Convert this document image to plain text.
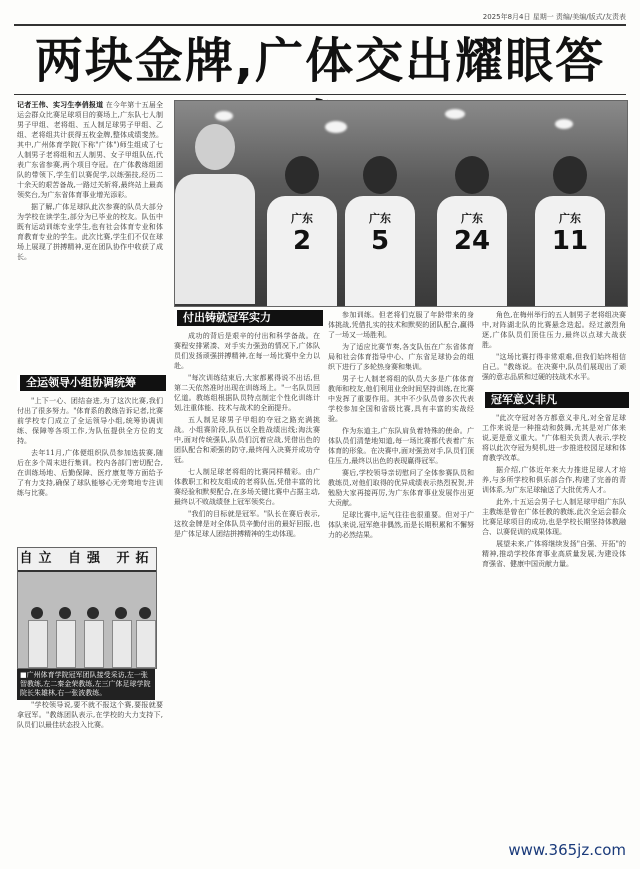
2025年8月4日 星期一 责编/美编/版式/友责表
两块金牌,广体交出耀眼答

记者王伟、实习生李俏报道 在今年第十五届全运会群众比赛足球项目的赛场上,广东队七人制男子甲组、老将组、五人制足球男子甲组、乙组、老将组共计获得五枚金牌,整体成绩斐然。其中,广州体育学院(下称"广体")师生组成了七人制男子老将组和五人制男、女子甲组队伍,代表广东省参赛,两个项目夺冠。在广体教练组团队的带领下,学生们以赛促学,以练强技,经历二十余天的艰苦备战,一路过关斩将,最终站上最高领奖台,为广东省体育事业增光添彩。

据了解,广体足球队此次参赛的队员大部分为学校在读学生,部分为已毕业的校友。队伍中既有运动训练专业学生,也有社会体育专业和体育教育专业的学生。此次比赛,学生们不仅在球场上展现了拼搏精神,更在团队协作中收获了成长。

全运领导小组协调统筹

"上下一心、团结奋进,为了这次比赛,我们付出了很多努力。"体育系的教练告诉记者,比赛前学校专门成立了全运领导小组,统筹协调训练、保障等各项工作,为队伍提供全方位的支持。

去年11月,广体便组织队员参加选拔赛,随后在多个周末进行集训。校内各部门密切配合,在训练场地、后勤保障、医疗康复等方面给予了有力支持,确保了球队能够心无旁骛地专注训练与比赛。

自立 自强 开拓
■广州体育学院冠军团队接受采访,左一张智教练,左二秦金荣教练,左三广体足球学院院长朱雄林,右一张波教练。

"学校领导说,要不就不报这个赛,要报就要拿冠军。"教练团队表示,在学校的大力支持下,队员们以最佳状态投入比赛。

广东
2
广东
5
广东
24
广东
11
付出铸就冠军实力

成功的背后是艰辛的付出和科学备战。在赛程安排紧凑、对手实力强劲的情况下,广体队员们发扬顽强拼搏精神,在每一场比赛中全力以赴。

"每次训练结束后,大家都累得说不出话,但第二天依然准时出现在训练场上。"一名队员回忆道。教练组根据队员特点制定个性化训练计划,注重体能、技术与战术的全面提升。

五人制足球男子甲组的夺冠之路充满挑战。小组赛阶段,队伍以全胜战绩出线;淘汰赛中,面对传统强队,队员们沉着应战,凭借出色的团队配合和顽强的防守,最终闯入决赛并成功夺冠。

七人制足球老将组的比赛同样精彩。由广体教职工和校友组成的老将队伍,凭借丰富的比赛经验和默契配合,在多场关键比赛中占据主动,最终以不败战绩登上冠军领奖台。

"我们的目标就是冠军。"队长在赛后表示,这枚金牌是对全体队员辛勤付出的最好回报,也是广体足球人团结拼搏精神的生动体现。

参加训练。但老将们克服了年龄带来的身体挑战,凭借扎实的技术和默契的团队配合,赢得了一场又一场胜利。

为了适应比赛节奏,各支队伍在广东省体育局和社会体育指导中心、广东省足球协会的组织下进行了多轮热身赛和集训。

男子七人制老将组的队员大多是广体体育教师和校友,他们利用业余时间坚持训练,在比赛中发挥了重要作用。其中不少队员曾多次代表学校参加全国和省级比赛,具有丰富的实战经验。

作为东道主,广东队肩负着特殊的使命。广体队员们清楚地知道,每一场比赛都代表着广东体育的形象。在决赛中,面对强劲对手,队员们顶住压力,最终以出色的表现赢得冠军。

赛后,学校领导亲切慰问了全体参赛队员和教练员,对他们取得的优异成绩表示热烈祝贺,并勉励大家再接再厉,为广东体育事业发展作出更大贡献。

足球比赛中,运气往往也很重要。但对于广体队来说,冠军绝非偶然,而是长期积累和不懈努力的必然结果。

角色,在梅州举行的五人制男子老将组决赛中,对阵湖北队的比赛悬念迭起。经过激烈角逐,广体队员们顶住压力,最终以点球大战获胜。

"这场比赛打得非常艰难,但我们始终相信自己。"教练说。在决赛中,队员们展现出了顽强的意志品质和过硬的技战术水平。

冠军意义非凡

"此次夺冠对各方都意义非凡,对全省足球工作来说是一种推动和鼓舞,尤其是对广体来说,更是意义重大。"广体相关负责人表示,学校将以此次夺冠为契机,进一步推进校园足球和体育教学改革。

据介绍,广体近年来大力推进足球人才培养,与多所学校和俱乐部合作,构建了完善的青训体系,为广东足球输送了大批优秀人才。

此外,十五运会男子七人制足球甲组广东队主教练是曾在广体任教的教练,此次全运会群众比赛足球项目的成功,也是学校长期坚持体教融合、以赛促训的成果体现。

展望未来,广体将继续发扬"自强、开拓"的精神,推动学校体育事业高质量发展,为建设体育强省、健康中国贡献力量。

www.365jz.com
